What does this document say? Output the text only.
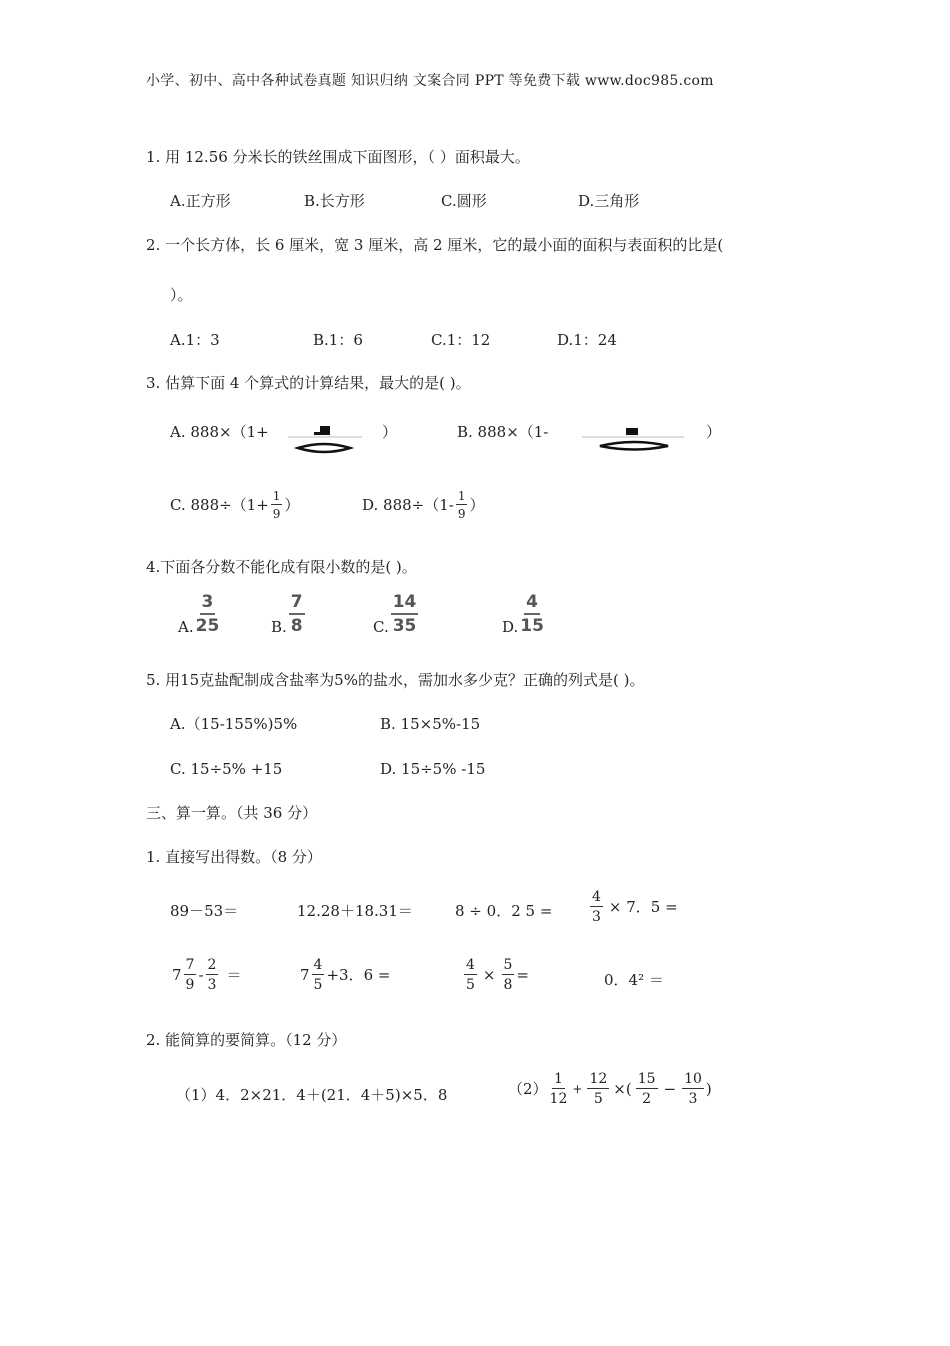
小学、初中、高中各种试卷真题 知识归纳 文案合同 PPT 等免费下载 www.doc985.com
1. 用 12.56 分米长的铁丝围成下面图形，（ ）面积最大。
A.正方形	B.长方形	C.圆形	D.三角形
2. 一个长方体，长 6 厘米，宽 3 厘米，高 2 厘米，它的最小面的面积与表面积的比是(
）。
A.1：3	B.1：6	C.1：12	D.1：24
3. 估算下面 4 个算式的计算结果，最大的是( )。
A. 888×（1+	）	B. 888×（1-	）
C. $888\div(1+ \frac{1}{9}$ ）	D. $888\div(1- \frac{1}{9}$ ）
4.下面各分数不能化成有限小数的是( )。
A. $\frac{3}{25}$	B. $\frac{7}{8}$	C. $\frac{14}{35}$	D. $\frac{4}{15}$
5. 用15克盐配制成含盐率为5%的盐水，需加水多少克？正确的列式是( )。
A.（15-155%)5%	B. 15×5%-15
C. 15÷5% +15	D. 15÷5% -15
三、算一算。（共 36 分）
1. 直接写出得数。（8 分）
89－53＝	12.28＋18.31＝	8 ÷ 0．2 5 =	$\frac{4}{3} \times 7$．5 =
$7 \frac{7}{9} - \frac{2}{3}$ ＝	$7 \frac{4}{5} +3$．6 =	$\frac{4}{5} \times \frac{5}{8}$ =	0．4² ＝
2. 能简算的要简算。（12 分）
（1）4．2×21．4＋(21．4＋5)×5．8	$(2) \frac{1}{12} + \frac{12}{5}$ ×( $\frac{15}{2} - \frac{10}{3}$ )
